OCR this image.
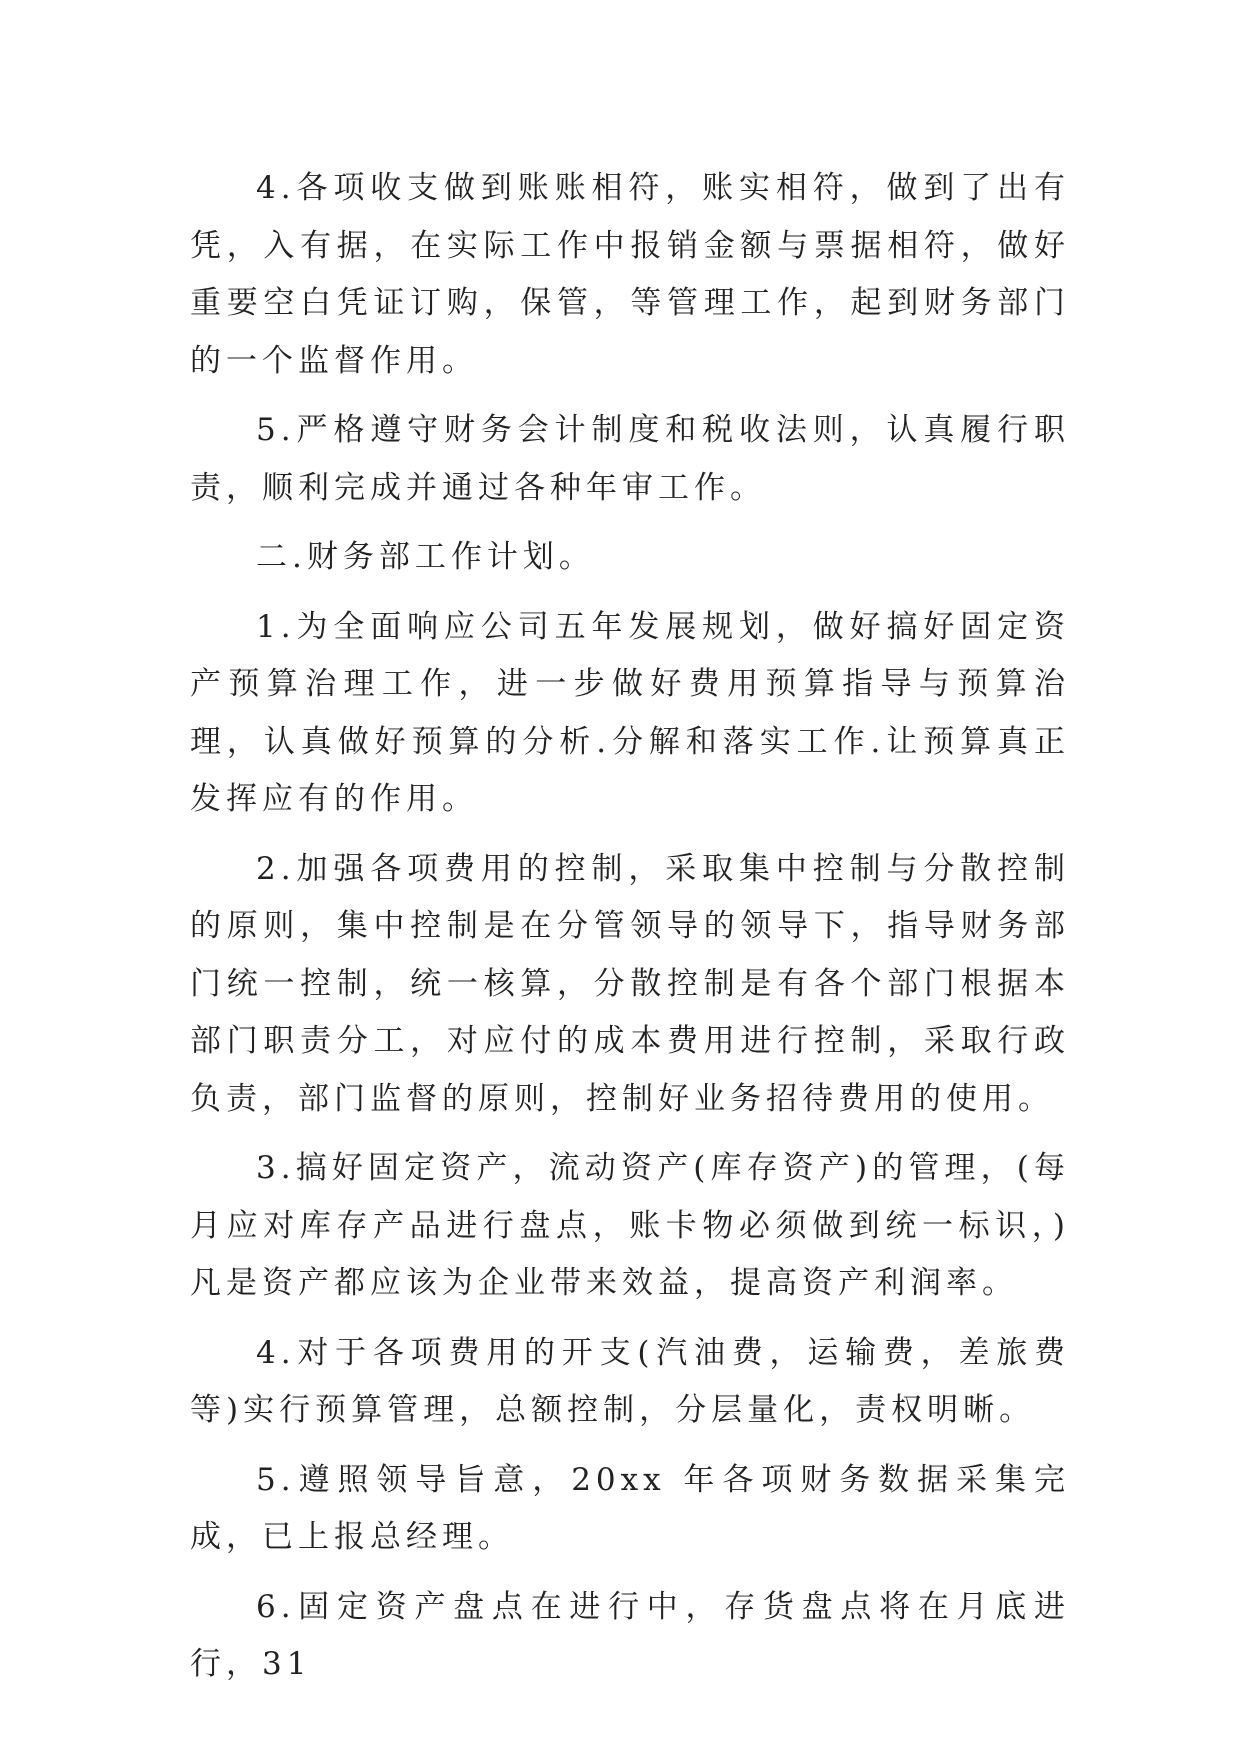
4.各项收支做到账账相符，账实相符，做到了出有凭，入有据，在实际工作中报销金额与票据相符，做好重要空白凭证订购，保管，等管理工作，起到财务部门的一个监督作用。

5.严格遵守财务会计制度和税收法则，认真履行职责，顺利完成并通过各种年审工作。

二.财务部工作计划。

1.为全面响应公司五年发展规划，做好搞好固定资产预算治理工作，进一步做好费用预算指导与预算治理，认真做好预算的分析.分解和落实工作.让预算真正发挥应有的作用。

2.加强各项费用的控制，采取集中控制与分散控制的原则，集中控制是在分管领导的领导下，指导财务部门统一控制，统一核算，分散控制是有各个部门根据本部门职责分工，对应付的成本费用进行控制，采取行政负责，部门监督的原则，控制好业务招待费用的使用。

3.搞好固定资产，流动资产(库存资产)的管理，(每月应对库存产品进行盘点，账卡物必须做到统一标识，)凡是资产都应该为企业带来效益，提高资产利润率。

4.对于各项费用的开支(汽油费，运输费，差旅费等)实行预算管理，总额控制，分层量化，责权明晰。

5.遵照领导旨意，20xx 年各项财务数据采集完成，已上报总经理。

6.固定资产盘点在进行中，存货盘点将在月底进行，31
